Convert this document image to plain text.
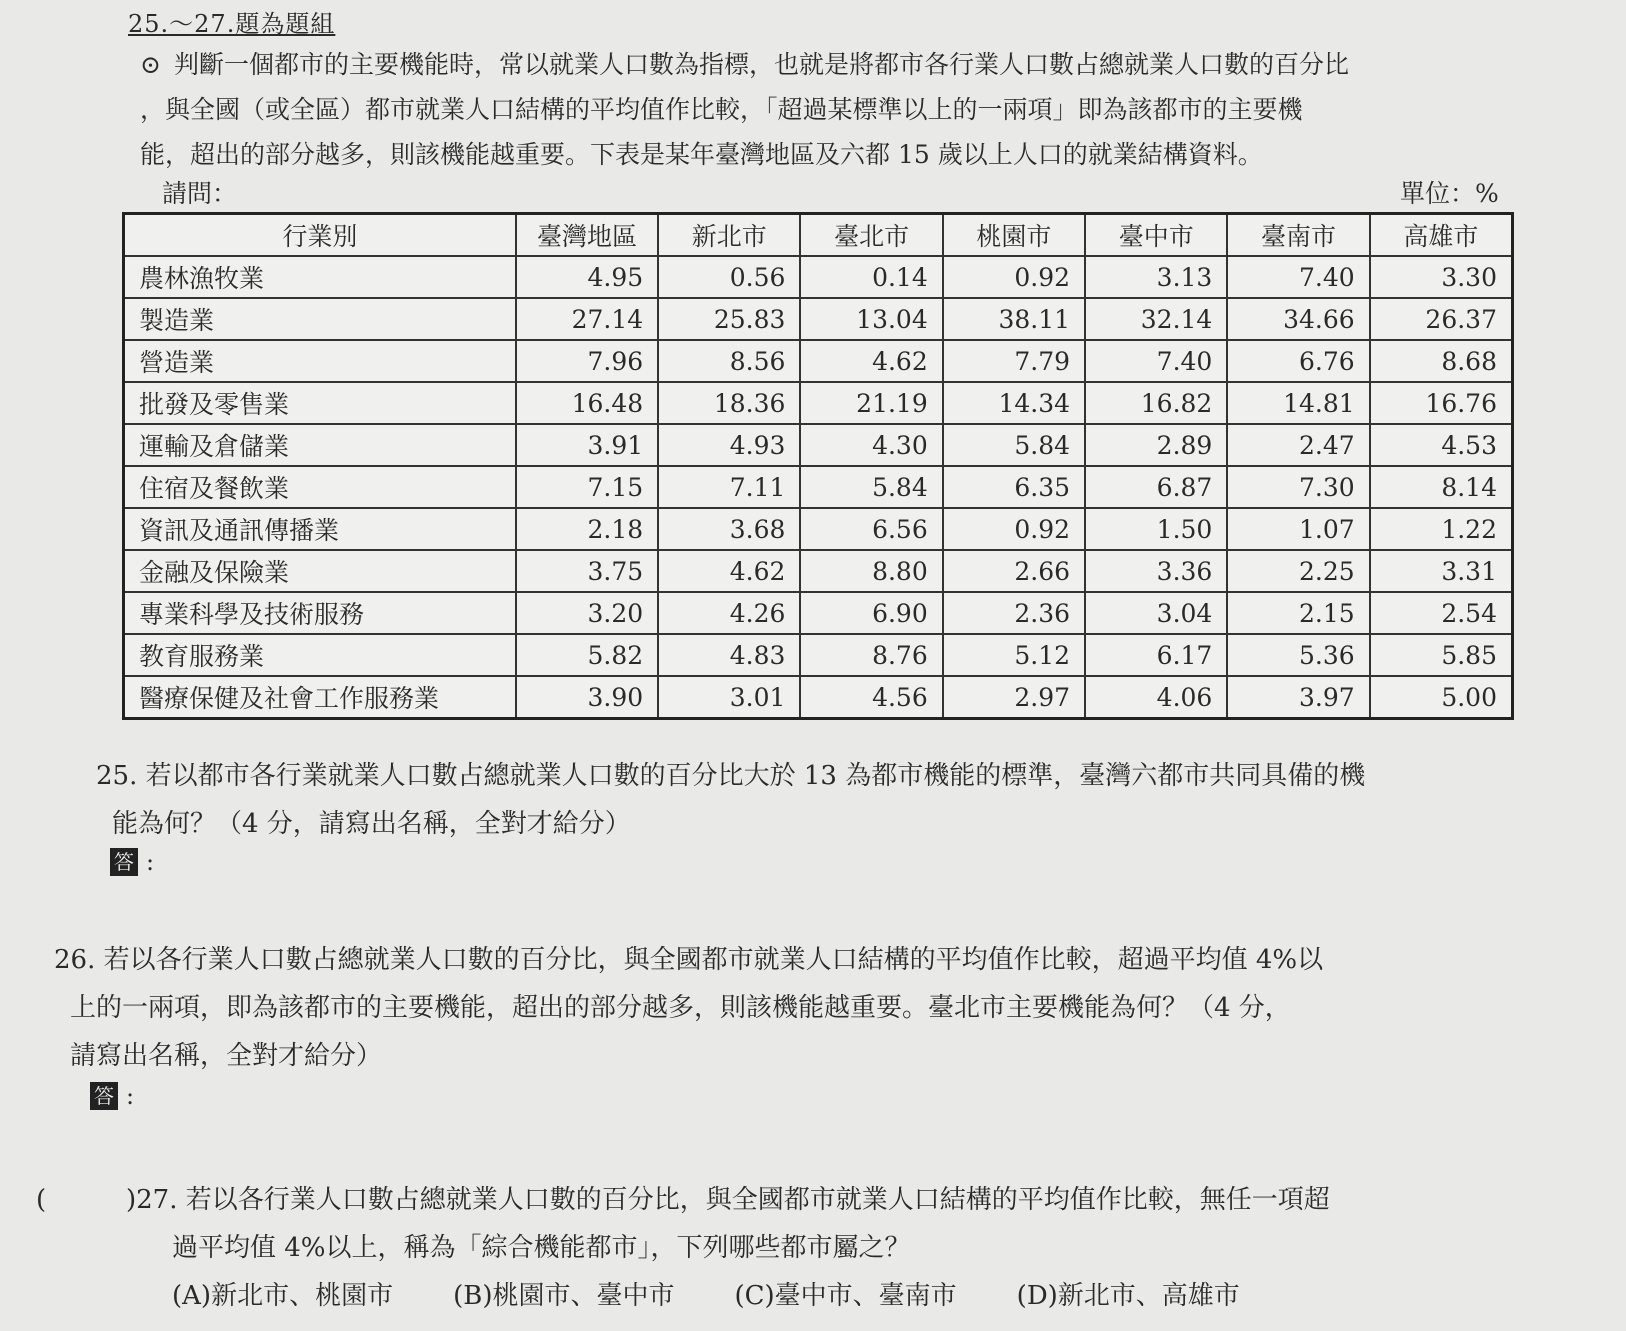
25.～27.題為題組

⊙ 判斷一個都市的主要機能時，常以就業人口數為指標，也就是將都市各行業人口數占總就業人口數的百分比

，與全國（或全區）都市就業人口結構的平均值作比較，「超過某標準以上的一兩項」即為該都市的主要機

能，超出的部分越多，則該機能越重要。下表是某年臺灣地區及六都 15 歲以上人口的就業結構資料。

請問：	單位：%
行業別	臺灣地區	新北市	臺北市	桃園市	臺中市	臺南市	高雄市
農林漁牧業	4.95	0.56	0.14	0.92	3.13	7.40	3.30
製造業	27.14	25.83	13.04	38.11	32.14	34.66	26.37
營造業	7.96	8.56	4.62	7.79	7.40	6.76	8.68
批發及零售業	16.48	18.36	21.19	14.34	16.82	14.81	16.76
運輸及倉儲業	3.91	4.93	4.30	5.84	2.89	2.47	4.53
住宿及餐飲業	7.15	7.11	5.84	6.35	6.87	7.30	8.14
資訊及通訊傳播業	2.18	3.68	6.56	0.92	1.50	1.07	1.22
金融及保險業	3.75	4.62	8.80	2.66	3.36	2.25	3.31
專業科學及技術服務	3.20	4.26	6.90	2.36	3.04	2.15	2.54
教育服務業	5.82	4.83	8.76	5.12	6.17	5.36	5.85
醫療保健及社會工作服務業	3.90	3.01	4.56	2.97	4.06	3.97	5.00

25. 若以都市各行業就業人口數占總就業人口數的百分比大於 13 為都市機能的標準，臺灣六都市共同具備的機

能為何？（4 分，請寫出名稱，全對才給分）

答 :

26. 若以各行業人口數占總就業人口數的百分比，與全國都市就業人口結構的平均值作比較，超過平均值 4%以

上的一兩項，即為該都市的主要機能，超出的部分越多，則該機能越重要。臺北市主要機能為何？（4 分，

請寫出名稱，全對才給分）

答 :

(	)27. 若以各行業人口數占總就業人口數的百分比，與全國都市就業人口結構的平均值作比較，無任一項超

過平均值 4%以上，稱為「綜合機能都市」，下列哪些都市屬之？

(A)新北市、桃園市 (B)桃園市、臺中市 (C)臺中市、臺南市 (D)新北市、高雄市
